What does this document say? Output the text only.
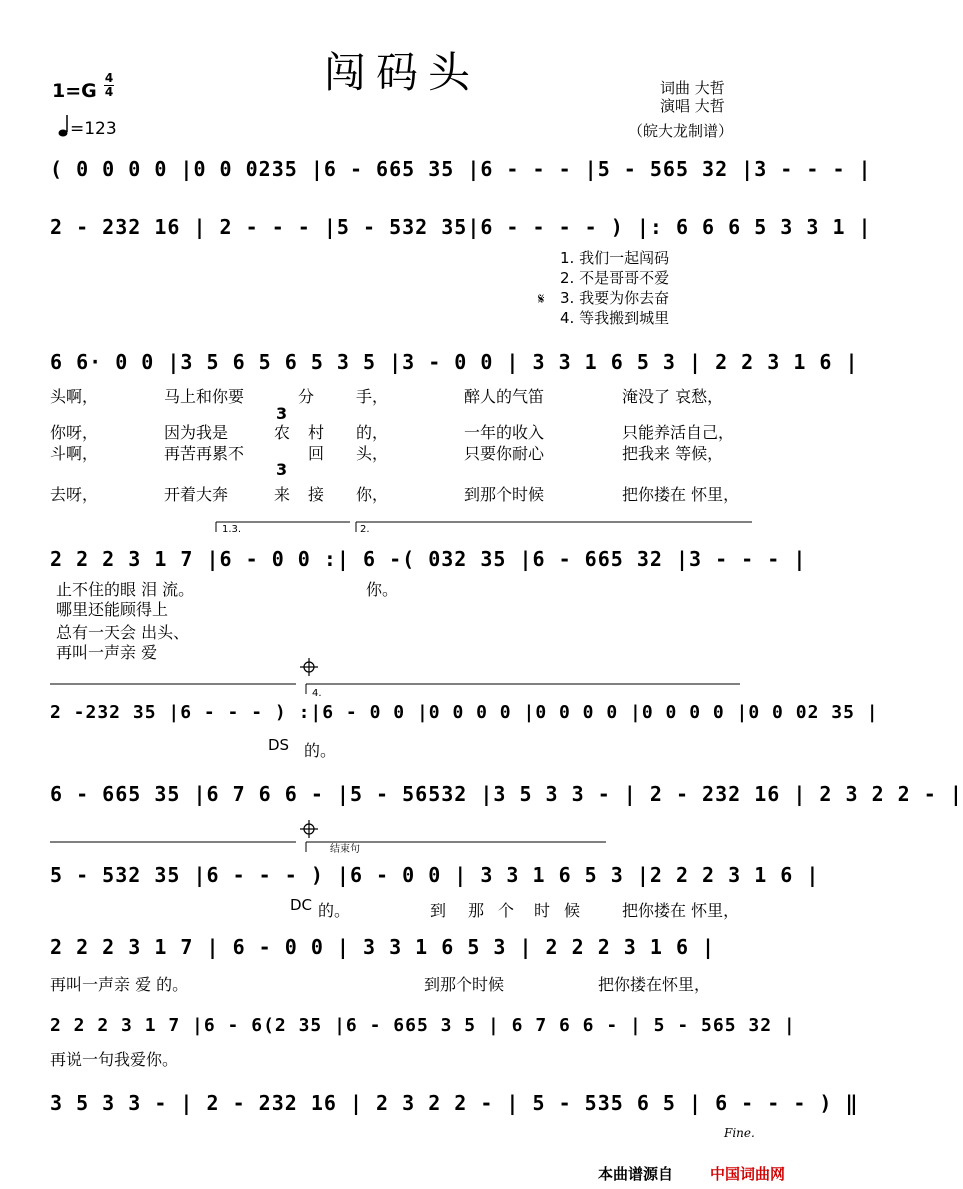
闯码头
1=G
4
4
=123
词曲 大哲
演唱 大哲
（皖大龙制谱）
( 0 0 0 0 |0 0 0235 |6 - 665 35 |6 - - - |5 - 565 32 |3 - - - |
2 - 232 16 | 2 - - - |5 - 532 35|6 - - - - ) |: 6 6 6 5 3 3 1 |
6 6· 0 0 |3 5 6 5 6 5 3 5 |3 - 0 0 | 3 3 1 6 5 3 | 2 2 3 1 6 |
2 2 2 3 1 7 |6 - 0 0 :| 6 -( 032 35 |6 - 665 32 |3 - - - |
2 -232 35 |6 - - - ) :|6 - 0 0 |0 0 0 0 |0 0 0 0 |0 0 0 0 |0 0 02 35 |
6 - 665 35 |6 7 6 6 - |5 - 56532 |3 5 3 3 - | 2 - 232 16 | 2 3 2 2 - |
5 - 532 35 |6 - - - ) |6 - 0 0 | 3 3 1 6 5 3 |2 2 2 3 1 6 |
2 2 2 3 1 7 | 6 - 0 0 | 3 3 1 6 5 3 | 2 2 2 3 1 6 |
2 2 2 3 1 7 |6 - 6(2 35 |6 - 665 3 5 | 6 7 6 6 - | 5 - 565 32 |
3 5 3 3 - | 2 - 232 16 | 2 3 2 2 - | 5 - 535 6 5 | 6 - - - ) ‖
1. 我们一起闯码
2. 不是哥哥不爱
3. 我要为你去奋
4. 等我搬到城里
𝄋
头啊，	马上和你要	分	手，	醉人的气笛	淹没了 哀愁，
3
你呀，	因为我是	农 村 的，	一年的收入	只能养活自己，
斗啊，	再苦再累不	回 头，	只要你耐心	把我来 等候，
3
去呀，	开着大奔	来 接 你，	到那个时候	把你搂在 怀里，
1.3.	2.
止不住的眼 泪 流。	你。
哪里还能顾得上
总有一天会 出头、
再叫一声亲 爱
4.
DS 的。
结束句
DC 的。	到 那 个 时 候	把你搂在 怀里，
再叫一声亲 爱 的。	到那个时候	把你搂在怀里，
再说一句我爱你。
Fine.
本曲谱源自 中国词曲网
